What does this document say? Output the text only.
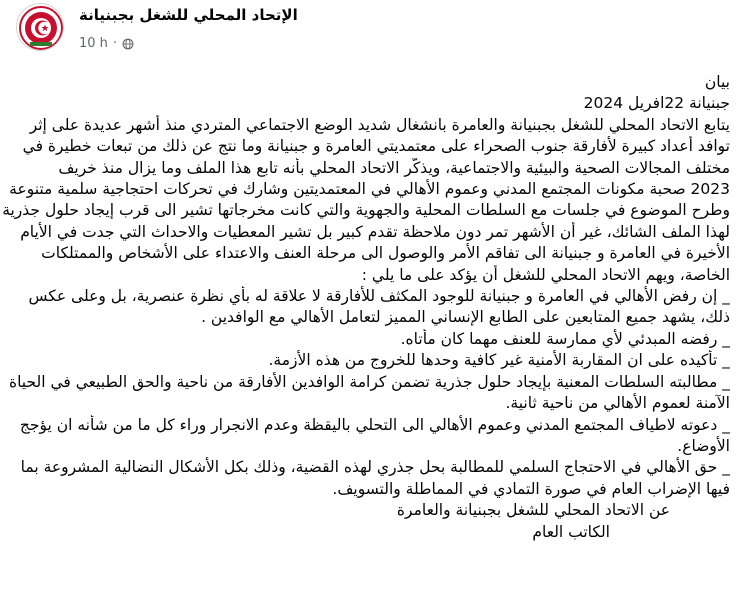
الإتحاد المحلي للشغل بجبنيانة
10 h ·
بيان
جبنيانة 22افريل 2024
يتابع الاتحاد المحلي للشغل بجبنيانة والعامرة بانشغال شديد الوضع الاجتماعي المتردي منذ أشهر عديدة على إثر
توافد أعداد كبيرة لأفارقة جنوب الصحراء على معتمديتي العامرة و جبنيانة وما نتج عن ذلك من تبعات خطيرة في
مختلف المجالات الصحية والبيئية والاجتماعية، ويذكّر الاتحاد المحلي بأنه تابع هذا الملف وما يزال منذ خريف
2023 صحبة مكونات المجتمع المدني وعموم الأهالي في المعتمديتين وشارك في تحركات احتجاجية سلمية متنوعة
وطرح الموضوع في جلسات مع السلطات المحلية والجهوية والتي كانت مخرجاتها تشير الى قرب إيجاد حلول جذرية
لهذا الملف الشائك، غير أن الأشهر تمر دون ملاحظة تقدم كبير بل تشير المعطيات والاحداث التي جدت في الأيام
الأخيرة في العامرة و جبنيانة الى تفاقم الأمر والوصول الى مرحلة العنف والاعتداء على الأشخاص والممتلكات
الخاصة، ويهم الاتحاد المحلي للشغل أن يؤكد على ما يلي :
_ إن رفض الأهالي في العامرة و جبنيانة للوجود المكثف للأفارقة لا علاقة له بأي نظرة عنصرية، بل وعلى عكس
ذلك، يشهد جميع المتابعين على الطابع الإنساني المميز لتعامل الأهالي مع الوافدين .
_ رفضه المبدئي لأي ممارسة للعنف مهما كان مأتاه.
_ تأكيده على ان المقاربة الأمنية غير كافية وحدها للخروج من هذه الأزمة.
_ مطالبته السلطات المعنية بإيجاد حلول جذرية تضمن كرامة الوافدين الأفارقة من ناحية والحق الطبيعي في الحياة
الآمنة لعموم الأهالي من ناحية ثانية.
_ دعوته لاطياف المجتمع المدني وعموم الأهالي الى التحلي باليقظة وعدم الانجرار وراء كل ما من شأنه ان يؤجج
الأوضاع.
_ حق الأهالي في الاحتجاج السلمي للمطالبة بحل جذري لهذه القضية، وذلك بكل الأشكال النضالية المشروعة بما
فيها الإضراب العام في صورة التمادي في المماطلة والتسويف.
عن الاتحاد المحلي للشغل بجبنيانة والعامرة
الكاتب العام
